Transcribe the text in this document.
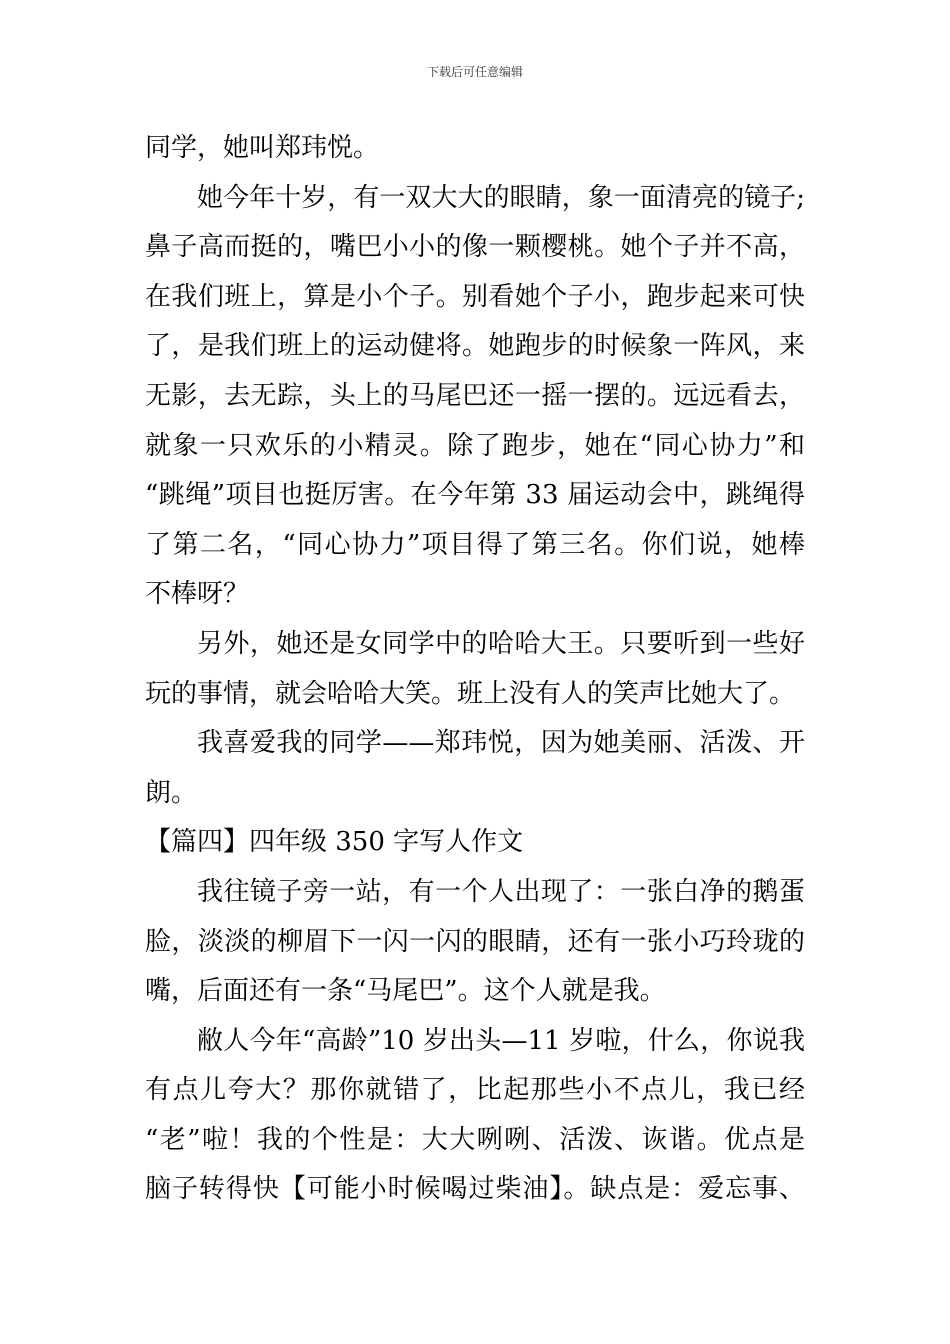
下载后可任意编辑
同学，她叫郑玮悦。
她今年十岁，有一双大大的眼睛，象一面清亮的镜子;
鼻子高而挺的，嘴巴小小的像一颗樱桃。她个子并不高，
在我们班上，算是小个子。别看她个子小，跑步起来可快
了，是我们班上的运动健将。她跑步的时候象一阵风，来
无影，去无踪，头上的马尾巴还一摇一摆的。远远看去，
就象一只欢乐的小精灵。除了跑步，她在“同心协力”和
“跳绳”项目也挺厉害。在今年第 33 届运动会中，跳绳得
了第二名，“同心协力”项目得了第三名。你们说，她棒
不棒呀？
另外，她还是女同学中的哈哈大王。只要听到一些好
玩的事情，就会哈哈大笑。班上没有人的笑声比她大了。
我喜爱我的同学——郑玮悦，因为她美丽、活泼、开
朗。
【篇四】四年级 350 字写人作文
我往镜子旁一站，有一个人出现了：一张白净的鹅蛋
脸，淡淡的柳眉下一闪一闪的眼睛，还有一张小巧玲珑的
嘴，后面还有一条“马尾巴”。这个人就是我。
敝人今年“高龄”10 岁出头—11 岁啦，什么，你说我
有点儿夸大？那你就错了，比起那些小不点儿，我已经
“老”啦！我的个性是：大大咧咧、活泼、诙谐。优点是
脑子转得快【可能小时候喝过柴油】。缺点是：爱忘事、
